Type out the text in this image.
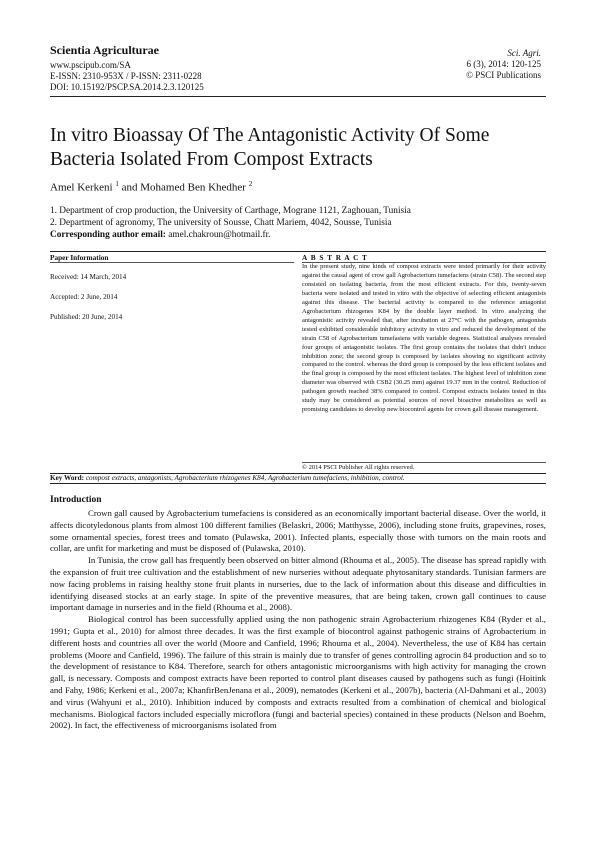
Scientia Agriculturae
www.pscipub.com/SA
E-ISSN: 2310-953X / P-ISSN: 2311-0228
DOI: 10.15192/PSCP.SA.2014.2.3.120125
Sci. Agri.
6 (3), 2014: 120-125
© PSCI Publications
In vitro Bioassay Of The Antagonistic Activity Of Some
Bacteria Isolated From Compost Extracts
Amel Kerkeni $^1$ and Mohamed Ben Khedher $^2$
1. Department of crop production, the University of Carthage, Mograne 1121, Zaghouan, Tunisia
2. Department of agronomy, The university of Sousse, Chatt Mariem, 4042, Sousse, Tunisia
Corresponding author email: amel.chakroun@hotmail.fr.
Paper Information	A B S T R A C T
Received: 14 March, 2014
Accepted: 2 June, 2014
Published: 20 June, 2014
In the present study, nine kinds of compost extracts were tested primarily for their activity against the causal agent of crow gall Agrobacterium tumefaciens (strain C58). The second step consisted on isolating bacteria, from the most efficient extracts. For this, twenty-seven bacteria were isolated and tested in vitro with the objective of selecting efficient antagonists against this disease. The bacterial activity is compared to the reference antagonist Agrobacterium rhizogenes K84 by the double layer method. In vitro analyzing the antagonistic activity revealed that, after incubation at 27°C with the pathogen, antagonists tested exhibited considerable inhibitory activity in vitro and reduced the development of the strain C58 of Agrobacterium tumefasiens with variable degrees. Statistical analyses revealed four groups of antagonistic isolates. The first group contains the isolates that didn't induce inhibition zone; the second group is composed by isolates showing no significant activity compared to the control. whereas the third group is composed by the less efficient isolates and the final group is composed by the most efficient isolates. The highest level of inhibition zone diameter was observed with CSB2 (30.25 mm) against 19.37 mm in the control. Reduction of pathogen growth reached 38% compared to control. Compost extracts isolates tested in this study may be considered as potential sources of novel bioactive metabolites as well as promising candidates to develop new biocontrol agents for crown gall disease management.
© 2014 PSCI Publisher All rights reserved.
Key Word: compost extracts, antagonists, Agrobacterium rhizogenes K84, Agrobacterium tumefaciens, inhibition, control.
Introduction

Crown gall caused by Agrobacterium tumefaciens is considered as an economically important bacterial disease. Over the world, it affects dicotyledonous plants from almost 100 different families (Belaskri, 2006; Matthysse, 2006), including stone fruits, grapevines, roses, some ornamental species, forest trees and tomato (Pulawska, 2001). Infected plants, especially those with tumors on the main roots and collar, are unfit for marketing and must be disposed of (Pulawska, 2010).

In Tunisia, the crow gall has frequently been observed on bitter almond (Rhouma et al., 2005). The disease has spread rapidly with the expansion of fruit tree cultivation and the establishment of new nurseries without adequate phytosanitary standards. Tunisian farmers are now facing problems in raising healthy stone fruit plants in nurseries, due to the lack of information about this disease and difficulties in identifying diseased stocks at an early stage. In spite of the preventive measures, that are being taken, crown gall continues to cause important damage in nurseries and in the field (Rhouma et al., 2008).

Biological control has been successfully applied using the non pathogenic strain Agrobacterium rhizogenes K84 (Ryder et al., 1991; Gupta et al., 2010) for almost three decades. It was the first example of biocontrol against pathogenic strains of Agrobacterium in different hosts and countries all over the world (Moore and Canfield, 1996; Rhouma et al., 2004). Nevertheless, the use of K84 has certain problems (Moore and Canfield, 1996). The failure of this strain is mainly due to transfer of genes controlling agrocin 84 production and so to the development of resistance to K84. Therefore, search for others antagonistic microorganisms with high activity for managing the crown gall, is necessary. Composts and compost extracts have been reported to control plant diseases caused by pathogens such as fungi (Hoitink and Fahy, 1986; Kerkeni et al., 2007a; KhanfirBenJenana et al., 2009), nematodes (Kerkeni et al., 2007b), bacteria (Al-Dahmani et al., 2003) and virus (Wahyuni et al., 2010). Inhibition induced by composts and extracts resulted from a combination of chemical and biological mechanisms. Biological factors included especially microflora (fungi and bacterial species) contained in these products (Nelson and Boehm, 2002). In fact, the effectiveness of microorganisms isolated from
